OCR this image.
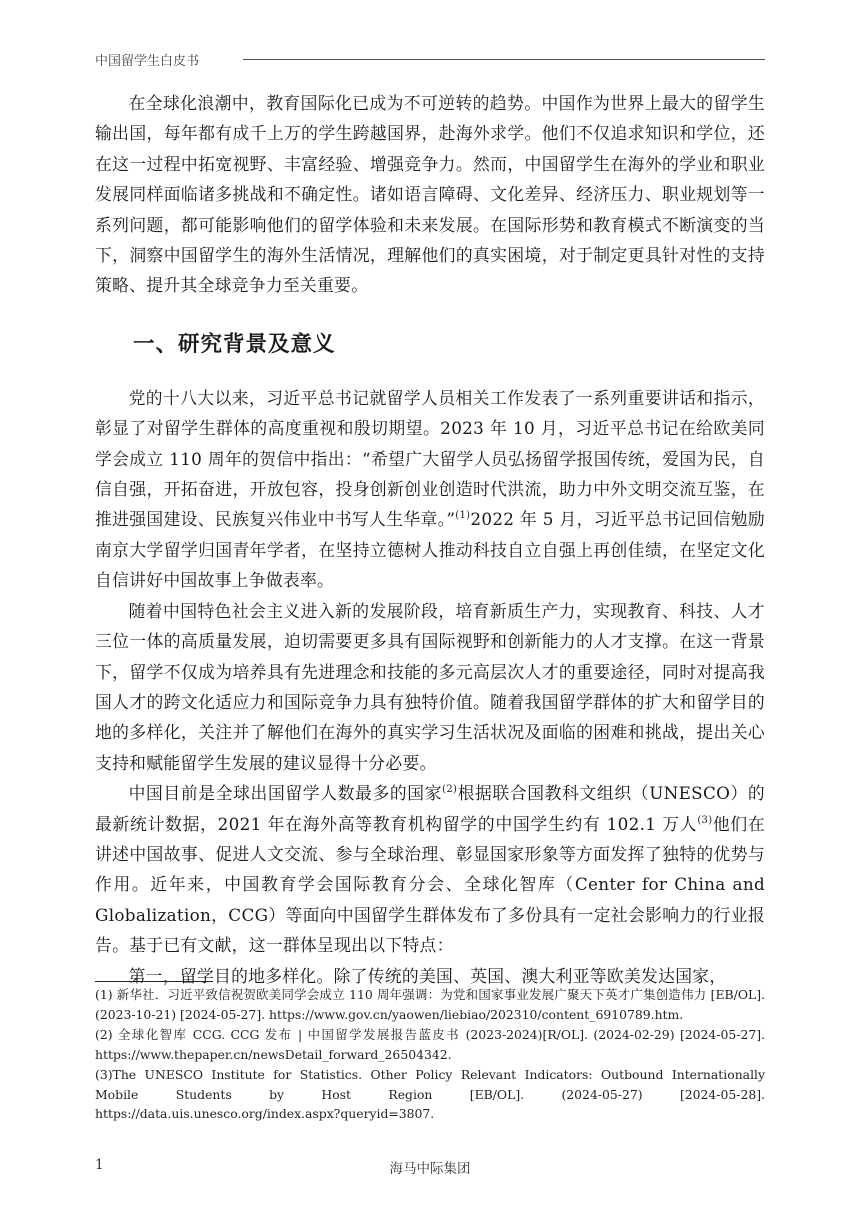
中国留学生白皮书

在全球化浪潮中，教育国际化已成为不可逆转的趋势。中国作为世界上最大的留学生输出国，每年都有成千上万的学生跨越国界，赴海外求学。他们不仅追求知识和学位，还在这一过程中拓宽视野、丰富经验、增强竞争力。然而，中国留学生在海外的学业和职业发展同样面临诸多挑战和不确定性。诸如语言障碍、文化差异、经济压力、职业规划等一系列问题，都可能影响他们的留学体验和未来发展。在国际形势和教育模式不断演变的当下，洞察中国留学生的海外生活情况，理解他们的真实困境，对于制定更具针对性的支持策略、提升其全球竞争力至关重要。

一、研究背景及意义

党的十八大以来，习近平总书记就留学人员相关工作发表了一系列重要讲话和指示，彰显了对留学生群体的高度重视和殷切期望。2023 年 10 月，习近平总书记在给欧美同学会成立 110 周年的贺信中指出：“希望广大留学人员弘扬留学报国传统，爱国为民，自信自强，开拓奋进，开放包容，投身创新创业创造时代洪流，助力中外文明交流互鉴，在推进强国建设、民族复兴伟业中书写人生华章。”$^{(1)}$2022 年 5 月，习近平总书记回信勉励南京大学留学归国青年学者，在坚持立德树人推动科技自立自强上再创佳绩，在坚定文化自信讲好中国故事上争做表率。

随着中国特色社会主义进入新的发展阶段，培育新质生产力，实现教育、科技、人才三位一体的高质量发展，迫切需要更多具有国际视野和创新能力的人才支撑。在这一背景下，留学不仅成为培养具有先进理念和技能的多元高层次人才的重要途径，同时对提高我国人才的跨文化适应力和国际竞争力具有独特价值。随着我国留学群体的扩大和留学目的地的多样化，关注并了解他们在海外的真实学习生活状况及面临的困难和挑战，提出关心支持和赋能留学生发展的建议显得十分必要。

中国目前是全球出国留学人数最多的国家$^{(2)}$根据联合国教科文组织（UNESCO）的最新统计数据，2021 年在海外高等教育机构留学的中国学生约有 102.1 万人$^{(3)}$他们在讲述中国故事、促进人文交流、参与全球治理、彰显国家形象等方面发挥了独特的优势与作用。近年来，中国教育学会国际教育分会、全球化智库（Center for China and Globalization，CCG）等面向中国留学生群体发布了多份具有一定社会影响力的行业报告。基于已有文献，这一群体呈现出以下特点：

第一，留学目的地多样化。除了传统的美国、英国、澳大利亚等欧美发达国家，

(1) 新华社．习近平致信祝贺欧美同学会成立 110 周年强调：为党和国家事业发展广聚天下英才广集创造伟力 [EB/OL]. (2023-10-21) [2024-05-27]. https://www.gov.cn/yaowen/liebiao/202310/content_6910789.htm.

(2) 全球化智库 CCG. CCG 发布 | 中国留学发展报告蓝皮书 (2023-2024)[R/OL]. (2024-02-29) [2024-05-27]. https://www.thepaper.cn/newsDetail_forward_26504342.

(3)The UNESCO Institute for Statistics. Other Policy Relevant Indicators: Outbound Internationally Mobile Students by Host Region [EB/OL]. (2024-05-27) [2024-05-28]. https://data.uis.unesco.org/index.aspx?queryid=3807.

1	海马中际集团
